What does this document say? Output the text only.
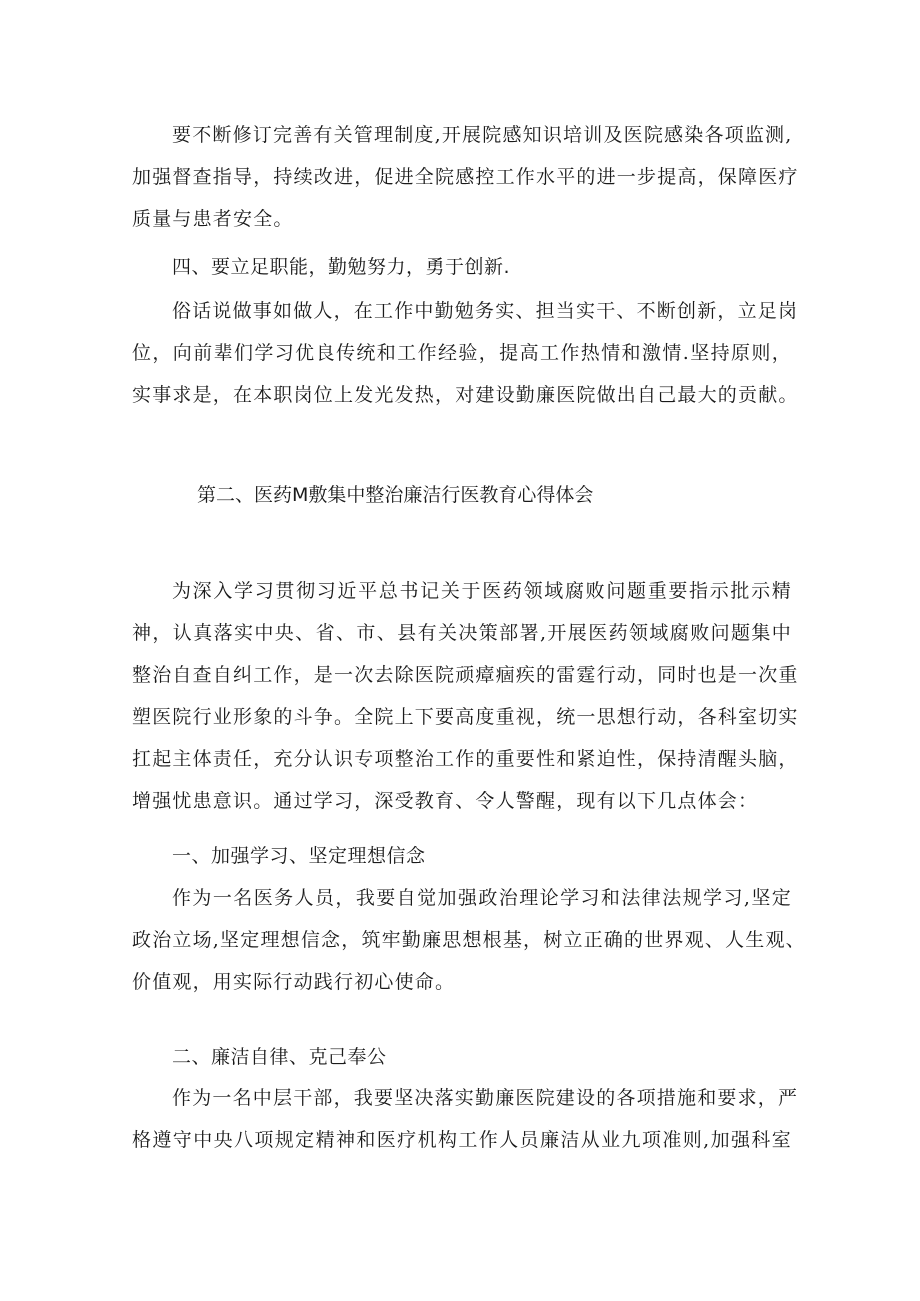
要不断修订完善有关管理制度,开展院感知识培训及医院感染各项监测,
加强督查指导，持续改进，促进全院感控工作水平的进一步提高，保障医疗
质量与患者安全。
四、要立足职能，勤勉努力，勇于创新.
俗话说做事如做人，在工作中勤勉务实、担当实干、不断创新，立足岗
位，向前辈们学习优良传统和工作经验，提高工作热情和激情.坚持原则，
实事求是，在本职岗位上发光发热，对建设勤廉医院做出自己最大的贡献。
第二、医药M敷集中整治廉洁行医教育心得体会
为深入学习贯彻习近平总书记关于医药领域腐败问题重要指示批示精
神，认真落实中央、省、市、县有关决策部署,开展医药领域腐败问题集中
整治自查自纠工作，是一次去除医院顽瘴痼疾的雷霆行动，同时也是一次重
塑医院行业形象的斗争。全院上下要高度重视，统一思想行动，各科室切实
扛起主体责任，充分认识专项整治工作的重要性和紧迫性，保持清醒头脑，
增强忧患意识。通过学习，深受教育、令人警醒，现有以下几点体会：
一、加强学习、坚定理想信念
作为一名医务人员，我要自觉加强政治理论学习和法律法规学习,坚定
政治立场,坚定理想信念，筑牢勤廉思想根基，树立正确的世界观、人生观、
价值观，用实际行动践行初心使命。
二、廉洁自律、克己奉公
作为一名中层干部，我要坚决落实勤廉医院建设的各项措施和要求，严
格遵守中央八项规定精神和医疗机构工作人员廉洁从业九项准则,加强科室
